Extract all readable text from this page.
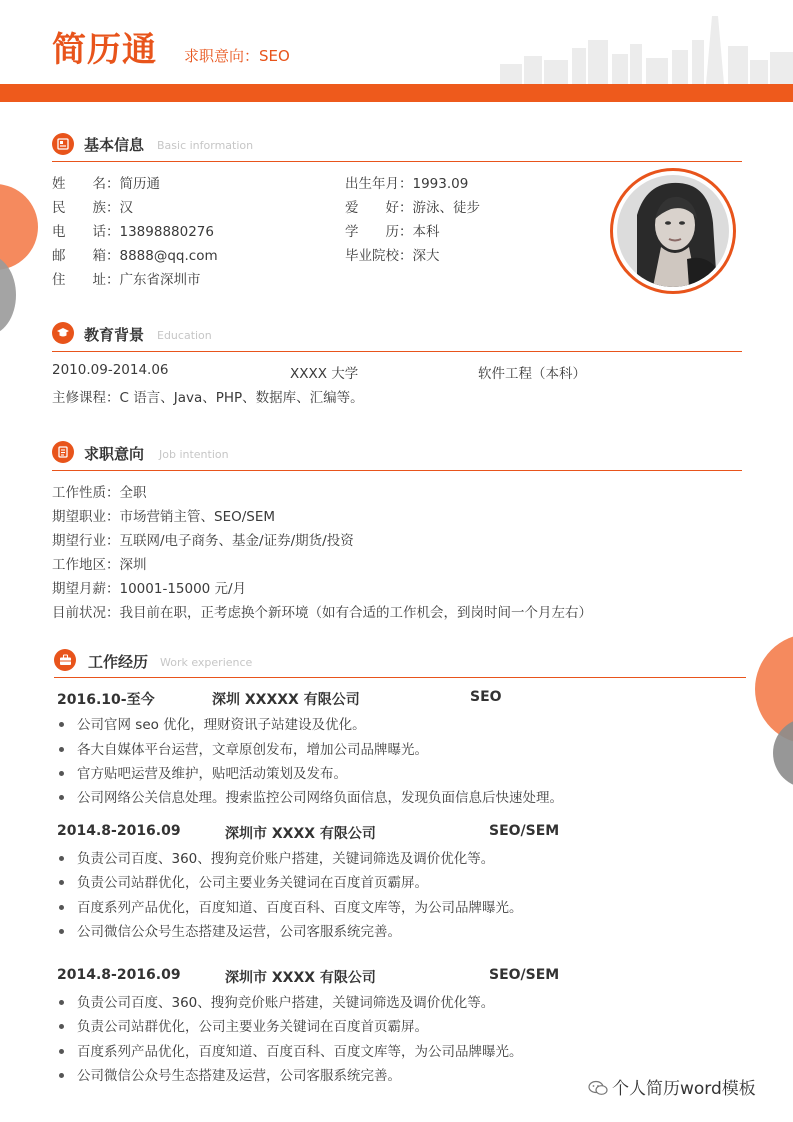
简历通 求职意向：SEO
基本信息 Basic information
姓　　名：简历通
民　　族：汉
电　　话：13898880276
邮　　箱：8888@qq.com
住　　址：广东省深圳市
出生年月：1993.09
爱　　好：游泳、徒步
学　　历：本科
毕业院校：深大
教育背景 Education
2010.09-2014.06	XXXX 大学	软件工程（本科）
主修课程：C 语言、Java、PHP、数据库、汇编等。
求职意向 Job intention
工作性质：全职
期望职业：市场营销主管、SEO/SEM
期望行业：互联网/电子商务、基金/证券/期货/投资
工作地区：深圳
期望月薪：10001-15000 元/月
目前状况：我目前在职，正考虑换个新环境（如有合适的工作机会，到岗时间一个月左右）
工作经历 Work experience
2016.10-至今	深圳 XXXXX 有限公司	SEO
公司官网 seo 优化，理财资讯子站建设及优化。
各大自媒体平台运营，文章原创发布，增加公司品牌曝光。
官方贴吧运营及维护，贴吧活动策划及发布。
公司网络公关信息处理。搜索监控公司网络负面信息，发现负面信息后快速处理。
2014.8-2016.09	深圳市 XXXX 有限公司	SEO/SEM
负责公司百度、360、搜狗竞价账户搭建，关键词筛选及调价优化等。
负责公司站群优化，公司主要业务关键词在百度首页霸屏。
百度系列产品优化，百度知道、百度百科、百度文库等，为公司品牌曝光。
公司微信公众号生态搭建及运营，公司客服系统完善。
2014.8-2016.09	深圳市 XXXX 有限公司	SEO/SEM
负责公司百度、360、搜狗竞价账户搭建，关键词筛选及调价优化等。
负责公司站群优化，公司主要业务关键词在百度首页霸屏。
百度系列产品优化，百度知道、百度百科、百度文库等，为公司品牌曝光。
公司微信公众号生态搭建及运营，公司客服系统完善。
个人简历word模板
